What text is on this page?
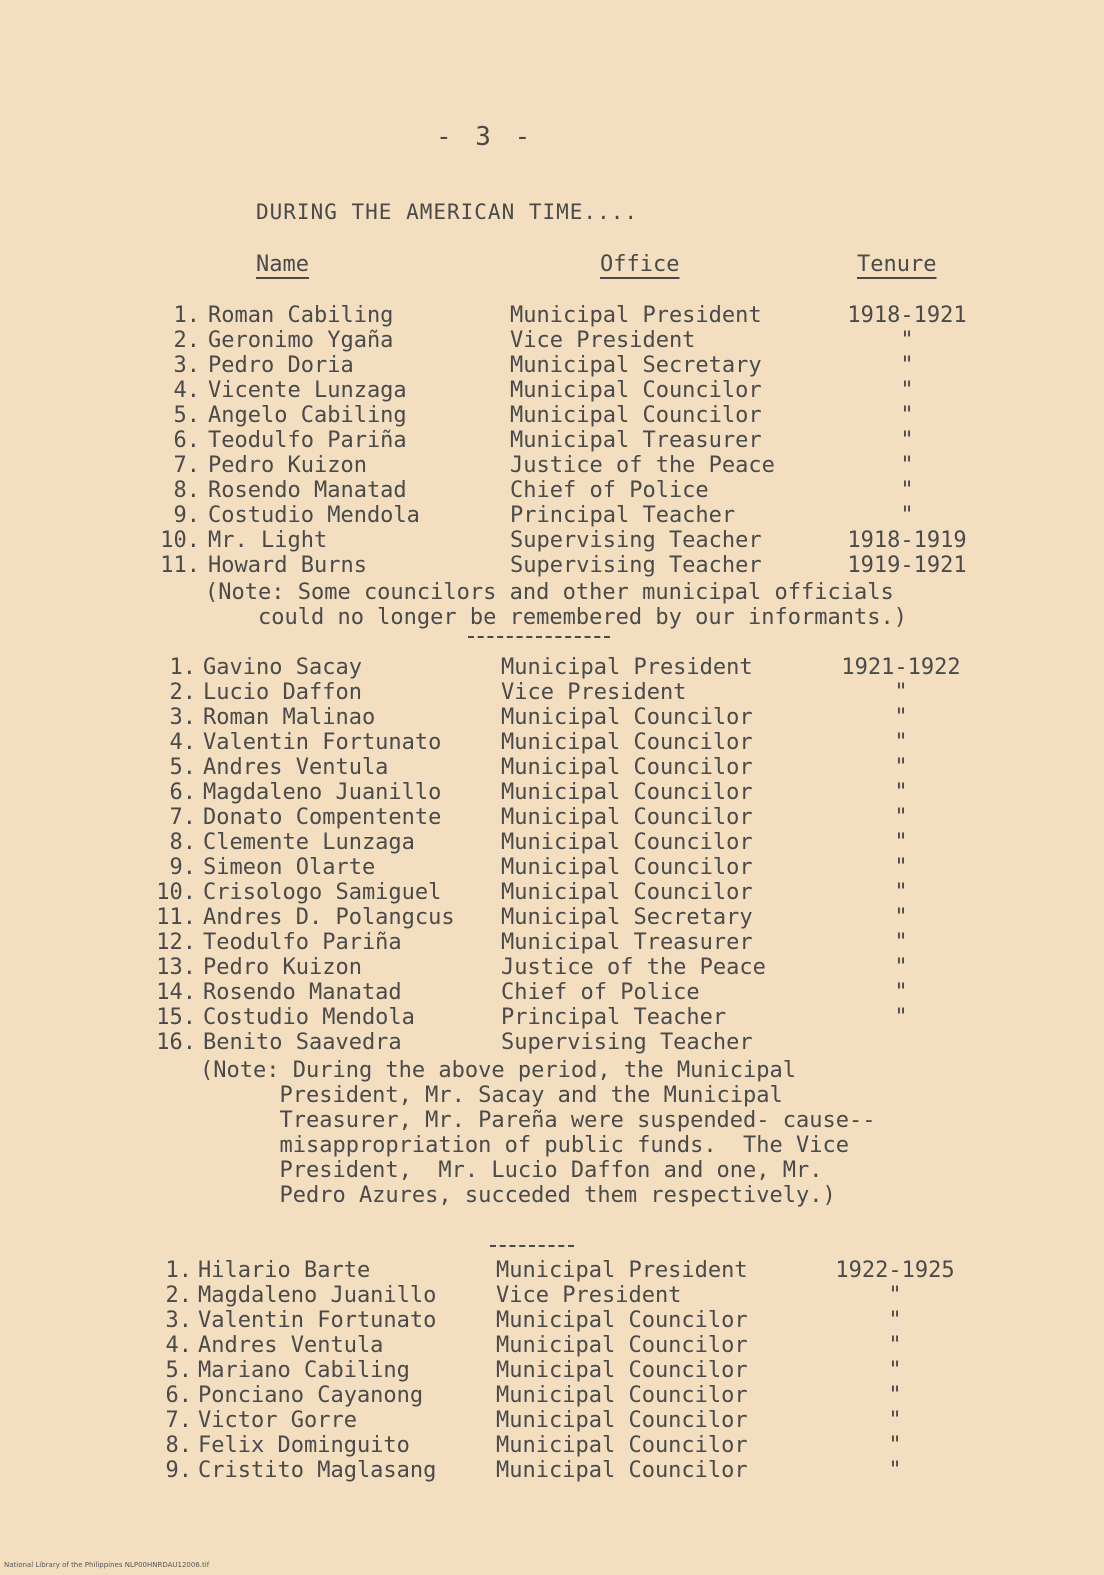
- 3 -
DURING THE AMERICAN TIME....
Name	Office	Tenure
1. Roman Cabiling	Municipal President	1918-1921
2. Geronimo Ygaña	Vice President	"
3. Pedro Doria	Municipal Secretary	"
4. Vicente Lunzaga	Municipal Councilor	"
5. Angelo Cabiling	Municipal Councilor	"
6. Teodulfo Pariña	Municipal Treasurer	"
7. Pedro Kuizon	Justice of the Peace	"
8. Rosendo Manatad	Chief of Police	"
9. Costudio Mendola	Principal Teacher	"
10. Mr. Light	Supervising Teacher	1918-1919
11. Howard Burns	Supervising Teacher	1919-1921
(Note: Some councilors and other municipal officials
could no longer be remembered by our informants.)
1. Gavino Sacay	Municipal President	1921-1922
2. Lucio Daffon	Vice President	"
3. Roman Malinao	Municipal Councilor	"
4. Valentin Fortunato	Municipal Councilor	"
5. Andres Ventula	Municipal Councilor	"
6. Magdaleno Juanillo	Municipal Councilor	"
7. Donato Compentente	Municipal Councilor	"
8. Clemente Lunzaga	Municipal Councilor	"
9. Simeon Olarte	Municipal Councilor	"
10. Crisologo Samiguel	Municipal Councilor	"
11. Andres D. Polangcus Municipal Secretary	"
12. Teodulfo Pariña	Municipal Treasurer	"
13. Pedro Kuizon	Justice of the Peace	"
14. Rosendo Manatad	Chief of Police	"
15. Costudio Mendola	Principal Teacher	"
16. Benito Saavedra	Supervising Teacher
(Note: During the above period, the Municipal
President, Mr. Sacay and the Municipal
Treasurer, Mr. Pareña were suspended- cause--
misappropriation of public funds.  The Vice
President,  Mr. Lucio Daffon and one, Mr.
Pedro Azures, succeded them respectively.)
1. Hilario Barte	Municipal President	1922-1925
2. Magdaleno Juanillo	Vice President	"
3. Valentin Fortunato	Municipal Councilor	"
4. Andres Ventula	Municipal Councilor	"
5. Mariano Cabiling	Municipal Councilor	"
6. Ponciano Cayanong	Municipal Councilor	"
7. Victor Gorre	Municipal Councilor	"
8. Felix Dominguito	Municipal Councilor	"
9. Cristito Maglasang	Municipal Councilor	"
National Library of the Philippines NLP00HNRDAU12006.tif
